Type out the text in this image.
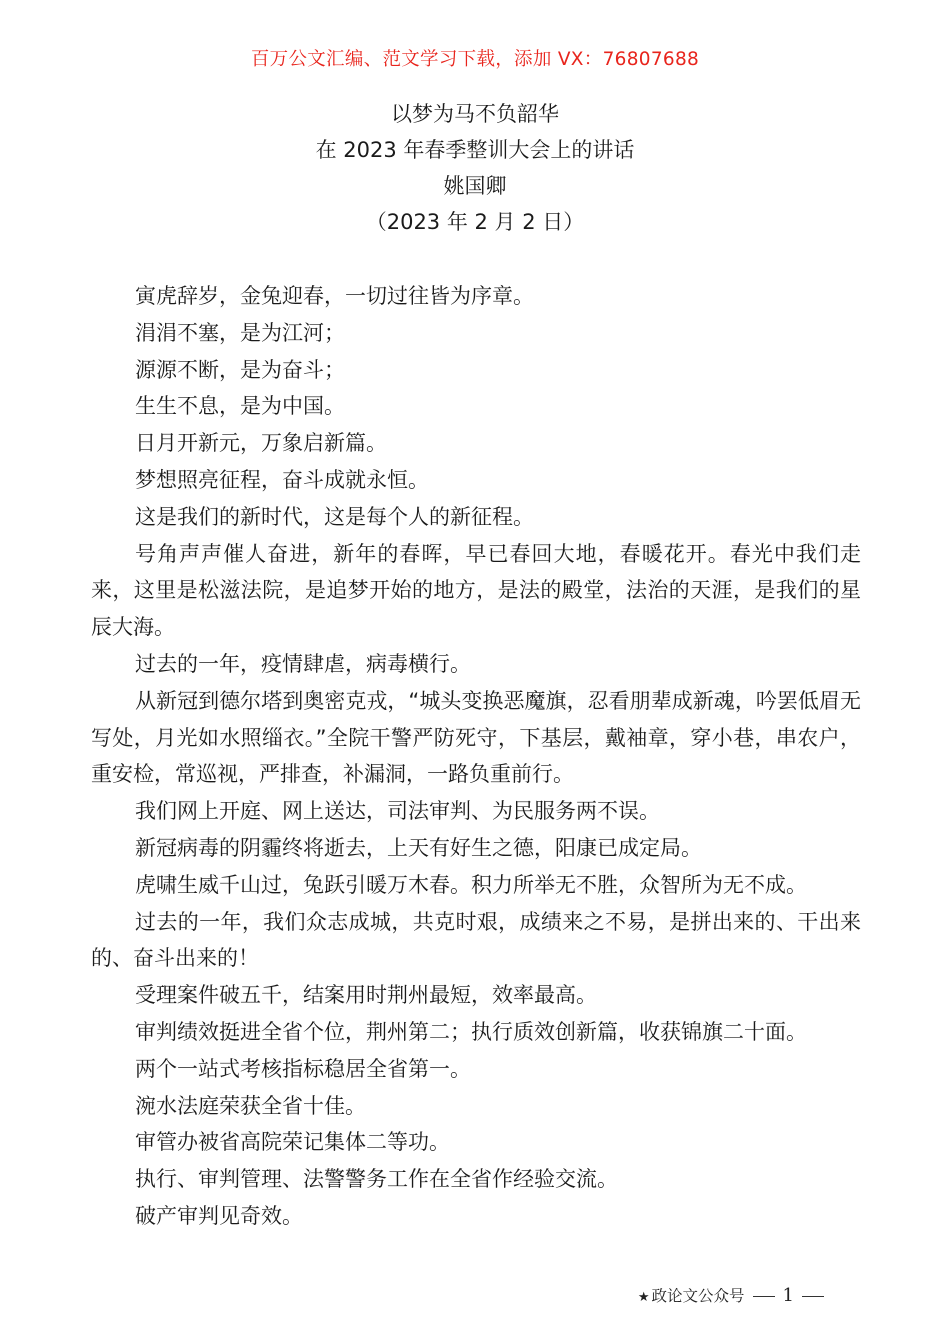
百万公文汇编、范文学习下载，添加 VX：76807688
以梦为马不负韶华
在 2023 年春季整训大会上的讲话
姚国卿
（2023 年 2 月 2 日）

寅虎辞岁，金兔迎春，一切过往皆为序章。

涓涓不塞，是为江河；

源源不断，是为奋斗；

生生不息，是为中国。

日月开新元，万象启新篇。

梦想照亮征程，奋斗成就永恒。

这是我们的新时代，这是每个人的新征程。

号角声声催人奋进，新年的春晖，早已春回大地，春暖花开。春光中我们走来，这里是松滋法院，是追梦开始的地方，是法的殿堂，法治的天涯，是我们的星辰大海。

过去的一年，疫情肆虐，病毒横行。

从新冠到德尔塔到奥密克戎，“城头变换恶魔旗，忍看朋辈成新魂，吟罢低眉无写处，月光如水照缁衣。”全院干警严防死守，下基层，戴袖章，穿小巷，串农户，重安检，常巡视，严排查，补漏洞，一路负重前行。

我们网上开庭、网上送达，司法审判、为民服务两不误。

新冠病毒的阴霾终将逝去，上天有好生之德，阳康已成定局。

虎啸生威千山过，兔跃引暖万木春。积力所举无不胜，众智所为无不成。

过去的一年，我们众志成城，共克时艰，成绩来之不易，是拼出来的、干出来的、奋斗出来的！

受理案件破五千，结案用时荆州最短，效率最高。

审判绩效挺进全省个位，荆州第二；执行质效创新篇，收获锦旗二十面。

两个一站式考核指标稳居全省第一。

涴水法庭荣获全省十佳。

审管办被省高院荣记集体二等功。

执行、审判管理、法警警务工作在全省作经验交流。

破产审判见奇效。

★ 政论文公众号 1
